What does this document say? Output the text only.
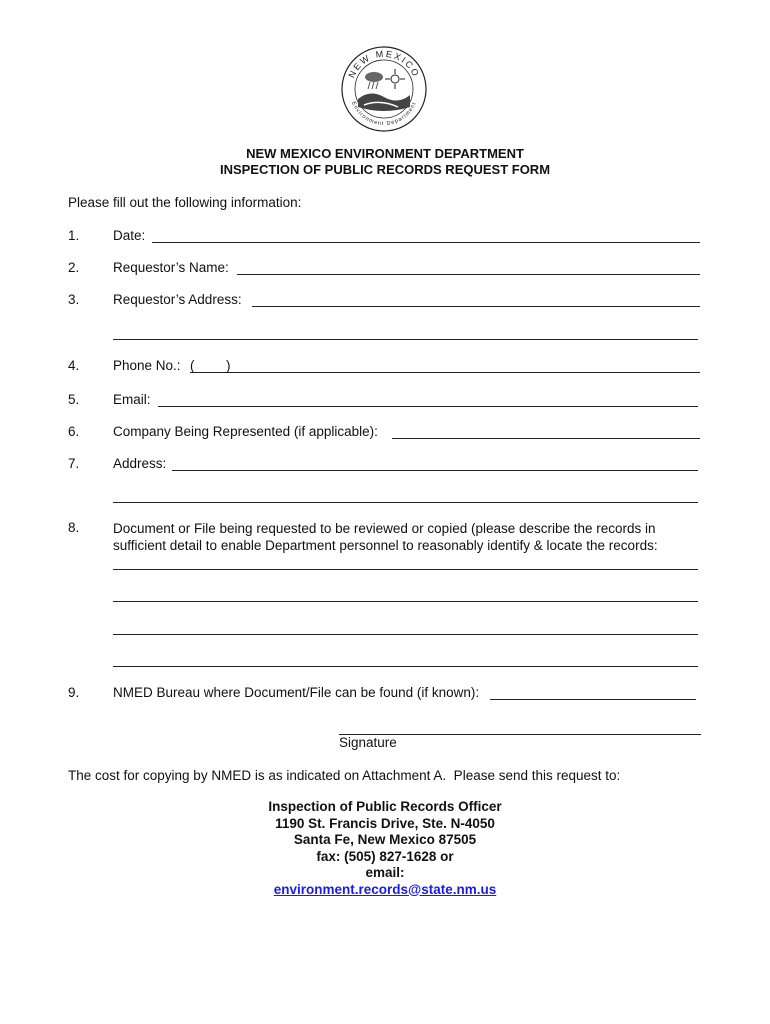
NEW MEXICO
Environment Department
NEW MEXICO ENVIRONMENT DEPARTMENT
INSPECTION OF PUBLIC RECORDS REQUEST FORM
Please fill out the following information:
1. Date:
2. Requestor’s Name:
3. Requestor’s Address:
4. Phone No.: ( )
5. Email:
6. Company Being Represented (if applicable):
7. Address:
8. Document or File being requested to be reviewed or copied (please describe the records in sufficient detail to enable Department personnel to reasonably identify & locate the records:
9. NMED Bureau where Document/File can be found (if known):
Signature
The cost for copying by NMED is as indicated on Attachment A.  Please send this request to:
Inspection of Public Records Officer
1190 St. Francis Drive, Ste. N-4050
Santa Fe, New Mexico 87505
fax: (505) 827-1628 or
email:
environment.records@state.nm.us
